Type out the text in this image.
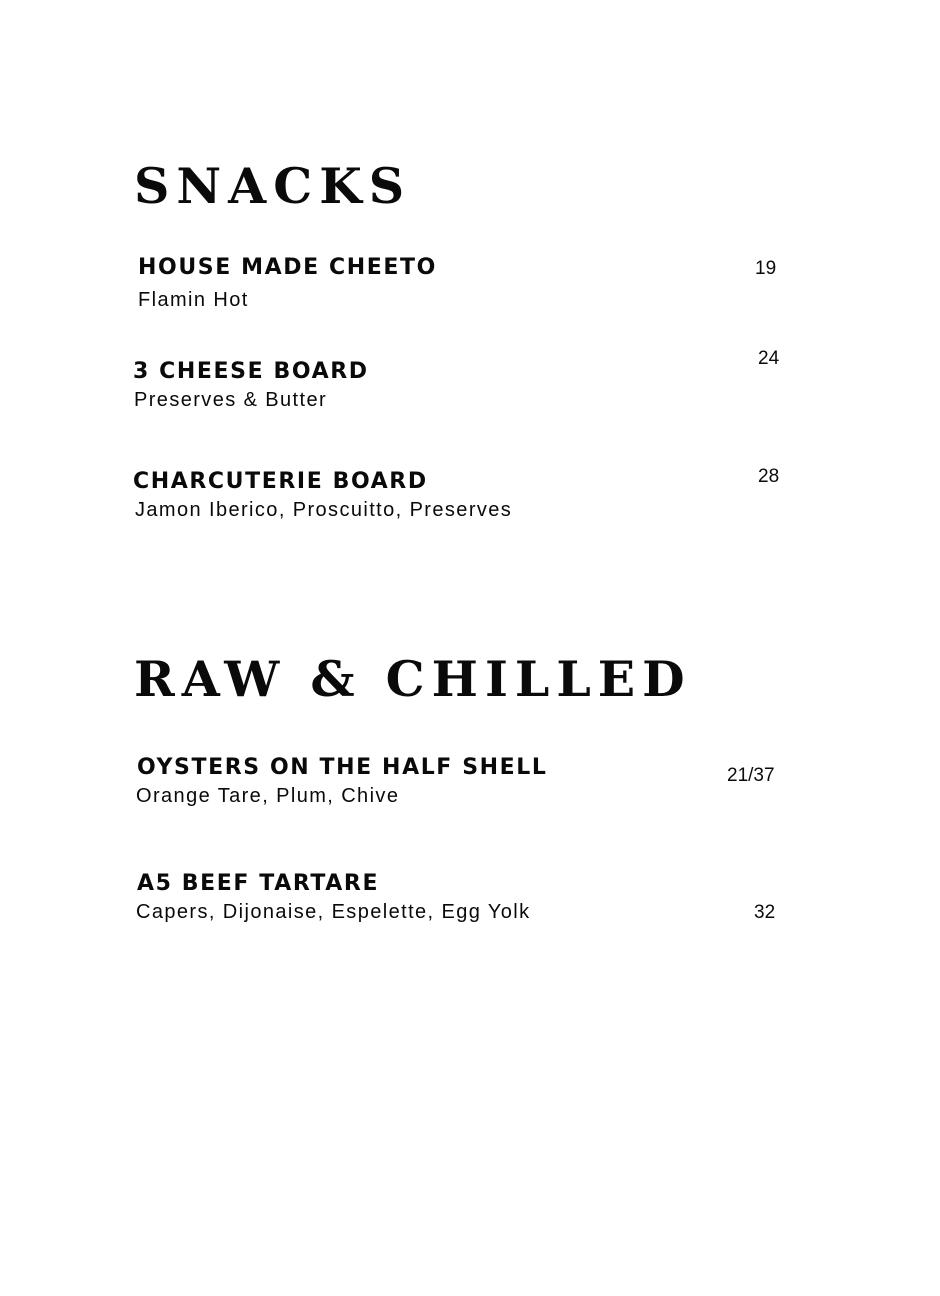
SNACKS
HOUSE MADE CHEETO
Flamin Hot
19
3 CHEESE BOARD
Preserves & Butter
24
CHARCUTERIE BOARD
Jamon Iberico, Proscuitto, Preserves
28
RAW & CHILLED
OYSTERS ON THE HALF SHELL
Orange Tare, Plum, Chive
21/37
A5 BEEF TARTARE
Capers, Dijonaise, Espelette, Egg Yolk	32
